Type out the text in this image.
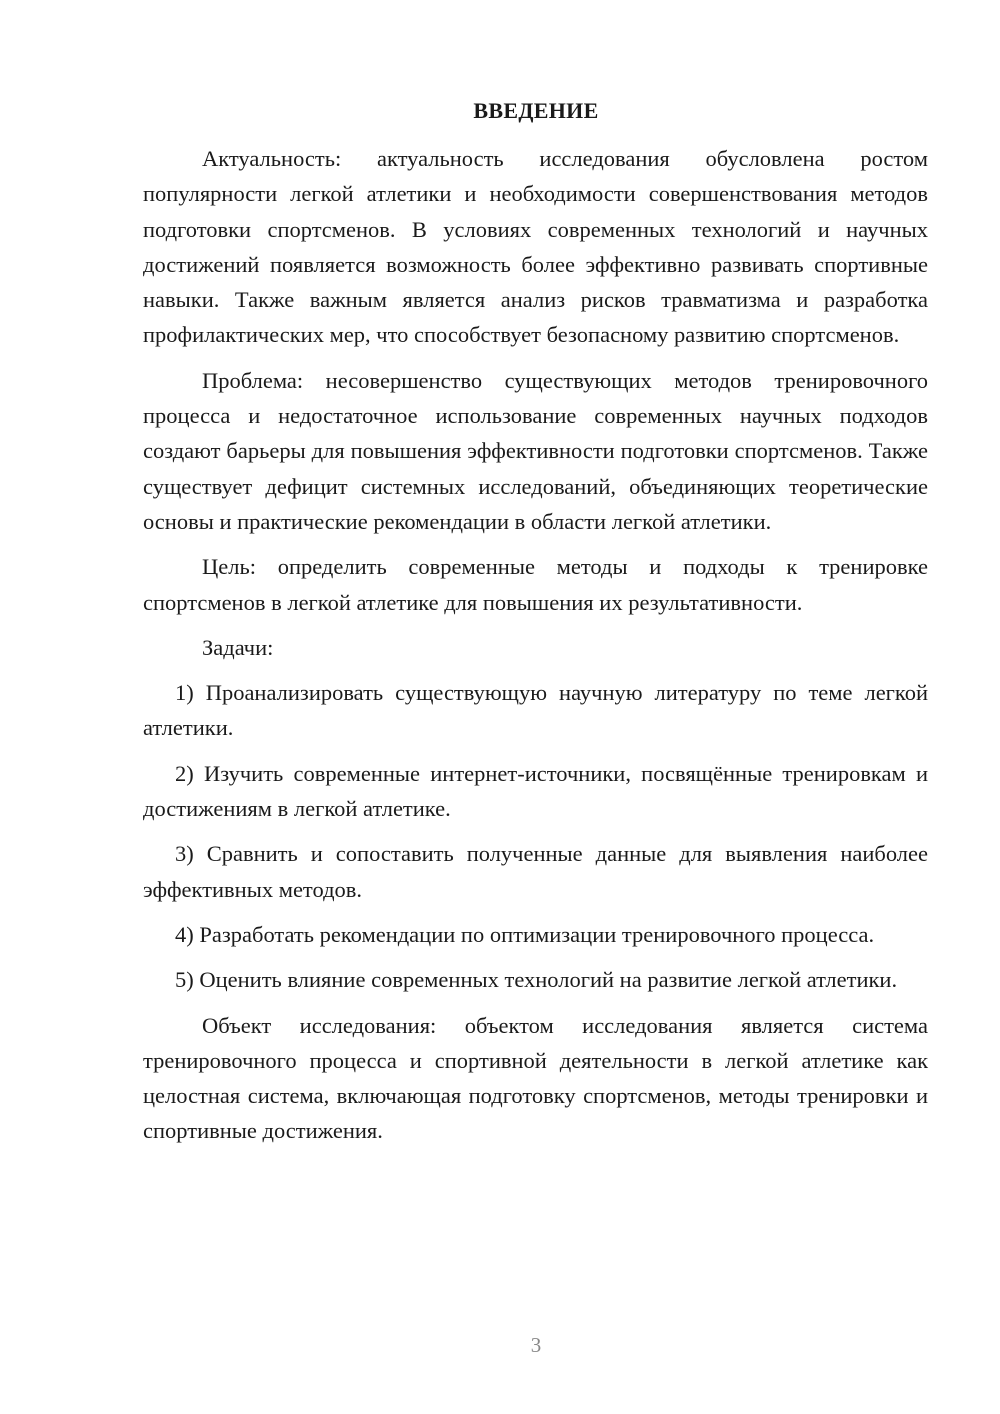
ВВЕДЕНИЕ

Актуальность: актуальность исследования обусловлена ростом популярности легкой атлетики и необходимости совершенствования методов подготовки спортсменов. В условиях современных технологий и научных достижений появляется возможность более эффективно развивать спортивные навыки. Также важным является анализ рисков травматизма и разработка профилактических мер, что способствует безопасному развитию спортсменов.

Проблема: несовершенство существующих методов тренировочного процесса и недостаточное использование современных научных подходов создают барьеры для повышения эффективности подготовки спортсменов. Также существует дефицит системных исследований, объединяющих теоретические основы и практические рекомендации в области легкой атлетики.

Цель: определить современные методы и подходы к тренировке спортсменов в легкой атлетике для повышения их результативности.

Задачи:

1) Проанализировать существующую научную литературу по теме легкой атлетики.

2) Изучить современные интернет-источники, посвящённые тренировкам и достижениям в легкой атлетике.

3) Сравнить и сопоставить полученные данные для выявления наиболее эффективных методов.

4) Разработать рекомендации по оптимизации тренировочного процесса.

5) Оценить влияние современных технологий на развитие легкой атлетики.

Объект исследования: объектом исследования является система тренировочного процесса и спортивной деятельности в легкой атлетике как целостная система, включающая подготовку спортсменов, методы тренировки и спортивные достижения.

3
